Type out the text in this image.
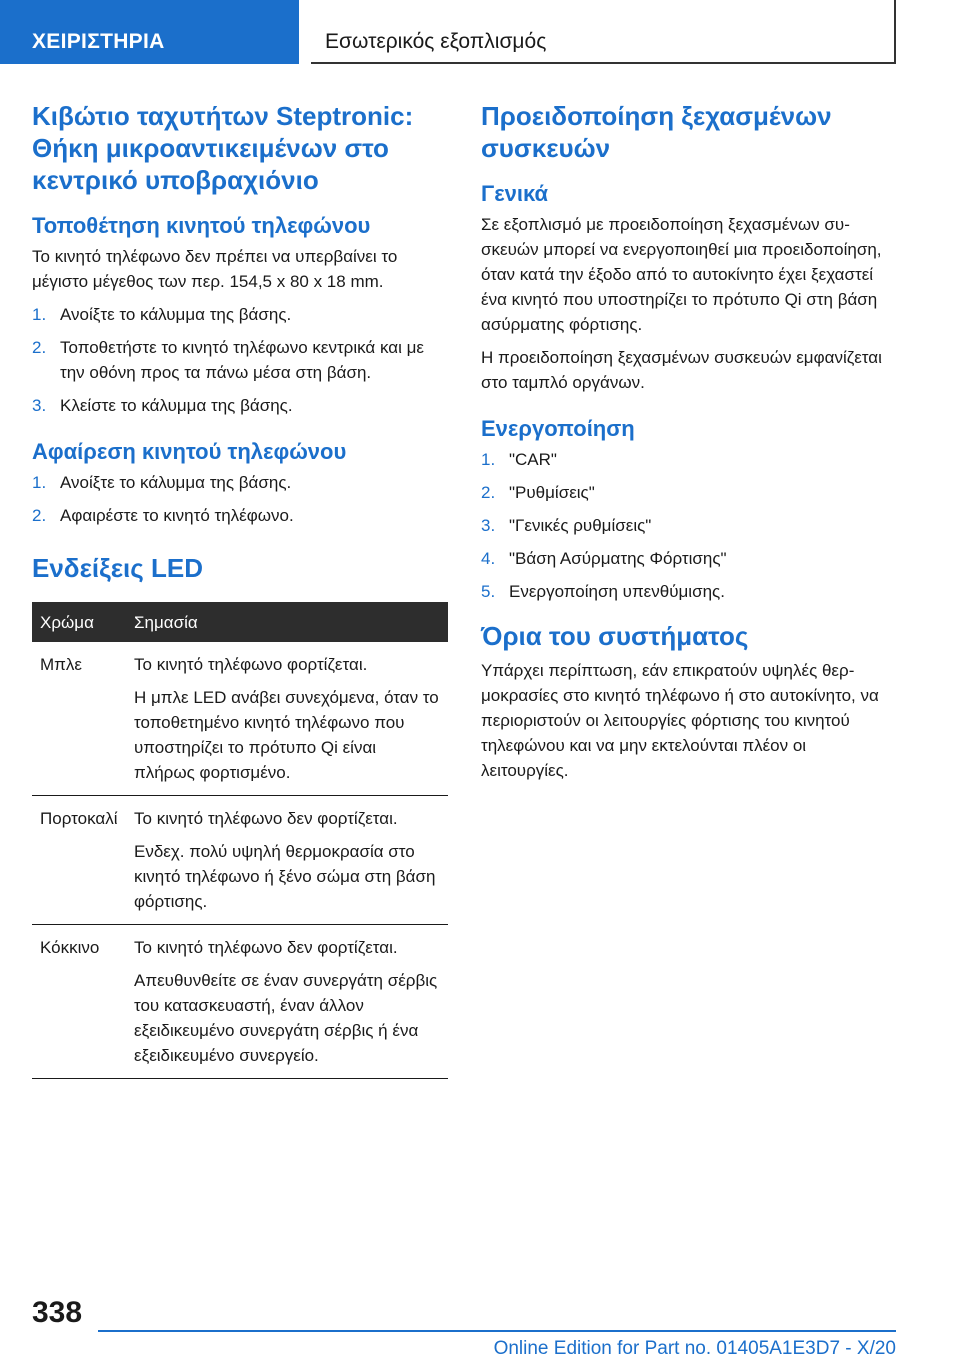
ΧΕΙΡΙΣΤΗΡΙΑ	Εσωτερικός εξοπλισμός
Κιβώτιο ταχυτήτων Steptronic: Θήκη μικροαντικειμένων στο κεντρικό υποβραχιόνιο
Τοποθέτηση κινητού τηλεφώνου

Το κινητό τηλέφωνο δεν πρέπει να υπερβαίνει το μέγιστο μέγεθος των περ. 154,5 x 80 x 18 mm.

1. Ανοίξτε το κάλυμμα της βάσης.
2. Τοποθετήστε το κινητό τηλέφωνο κεντρικά και με την οθόνη προς τα πάνω μέσα στη βάση.
3. Κλείστε το κάλυμμα της βάσης.
Αφαίρεση κινητού τηλεφώνου
1. Ανοίξτε το κάλυμμα της βάσης.
2. Αφαιρέστε το κινητό τηλέφωνο.
Ενδείξεις LED
Χρώμα	Σημασία
Μπλε	Το κινητό τηλέφωνο φορτίζεται.

Η μπλε LED ανάβει συνεχόμενα, όταν το τοποθετημένο κινητό τηλέφωνο που υποστηρίζει το πρότυπο Qi είναι πλήρως φορτισμένο.

Πορτοκαλί	Το κινητό τηλέφωνο δεν φορτίζεται.

Ενδεχ. πολύ υψηλή θερμοκρασία στο κινητό τηλέφωνο ή ξένο σώμα στη βάση φόρτισης.

Κόκκινο	Το κινητό τηλέφωνο δεν φορτίζεται.

Απευθυνθείτε σε έναν συνεργάτη σέρβις του κατασκευαστή, έναν άλλον εξειδικευμένο συνεργάτη σέρβις ή ένα εξειδικευμένο συνεργείο.

Προειδοποίηση ξεχασμένων συσκευών
Γενικά

Σε εξοπλισμό με προειδοποίηση ξεχασμένων συσκευών μπορεί να ενεργοποιηθεί μια προειδοποίηση, όταν κατά την έξοδο από το αυτοκίνητο έχει ξεχαστεί ένα κινητό που υποστηρίζει το πρότυπο Qi στη βάση ασύρματης φόρτισης.

Η προειδοποίηση ξεχασμένων συσκευών εμφανίζεται στο ταμπλό οργάνων.

Ενεργοποίηση
1. "CAR"
2. "Ρυθμίσεις"
3. "Γενικές ρυθμίσεις"
4. "Βάση Ασύρματης Φόρτισης"
5. Ενεργοποίηση υπενθύμισης.
Όρια του συστήματος

Υπάρχει περίπτωση, εάν επικρατούν υψηλές θερμοκρασίες στο κινητό τηλέφωνο ή στο αυτοκίνητο, να περιοριστούν οι λειτουργίες φόρτισης του κινητού τηλεφώνου και να μην εκτελούνται πλέον οι λειτουργίες.

338
Online Edition for Part no. 01405A1E3D7 - X/20
